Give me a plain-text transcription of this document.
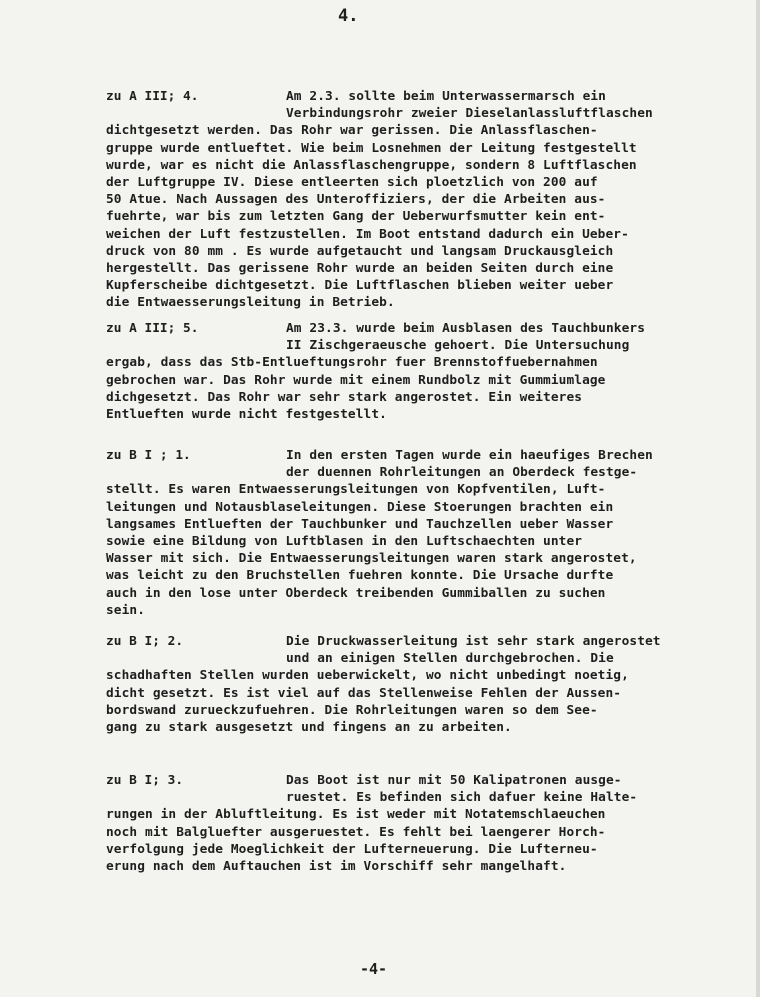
4.
zu A III; 4.	Am 2.3. sollte beim Unterwassermarsch ein
Verbindungsrohr zweier Dieselanlassluftflaschen
dichtgesetzt werden. Das Rohr war gerissen. Die Anlassflaschen-
gruppe wurde entlueftet. Wie beim Losnehmen der Leitung festgestellt
wurde, war es nicht die Anlassflaschengruppe, sondern 8 Luftflaschen
der Luftgruppe IV. Diese entleerten sich ploetzlich von 200 auf
50 Atue. Nach Aussagen des Unteroffiziers, der die Arbeiten aus-
fuehrte, war bis zum letzten Gang der Ueberwurfsmutter kein ent-
weichen der Luft festzustellen. Im Boot entstand dadurch ein Ueber-
druck von 80 mm . Es wurde aufgetaucht und langsam Druckausgleich
hergestellt. Das gerissene Rohr wurde an beiden Seiten durch eine
Kupferscheibe dichtgesetzt. Die Luftflaschen blieben weiter ueber
die Entwaesserungsleitung in Betrieb.
zu A III; 5.	Am 23.3. wurde beim Ausblasen des Tauchbunkers
II Zischgeraeusche gehoert. Die Untersuchung
ergab, dass das Stb-Entlueftungsrohr fuer Brennstoffuebernahmen
gebrochen war. Das Rohr wurde mit einem Rundbolz mit Gummiumlage
dichgesetzt. Das Rohr war sehr stark angerostet. Ein weiteres
Entlueften wurde nicht festgestellt.
zu B I ; 1.	In den ersten Tagen wurde ein haeufiges Brechen
der duennen Rohrleitungen an Oberdeck festge-
stellt. Es waren Entwaesserungsleitungen von Kopfventilen, Luft-
leitungen und Notausblaseleitungen. Diese Stoerungen brachten ein
langsames Entlueften der Tauchbunker und Tauchzellen ueber Wasser
sowie eine Bildung von Luftblasen in den Luftschaechten unter
Wasser mit sich. Die Entwaesserungsleitungen waren stark angerostet,
was leicht zu den Bruchstellen fuehren konnte. Die Ursache durfte
auch in den lose unter Oberdeck treibenden Gummiballen zu suchen
sein.
zu B I; 2.	Die Druckwasserleitung ist sehr stark angerostet
und an einigen Stellen durchgebrochen. Die
schadhaften Stellen wurden ueberwickelt, wo nicht unbedingt noetig,
dicht gesetzt. Es ist viel auf das Stellenweise Fehlen der Aussen-
bordswand zurueckzufuehren. Die Rohrleitungen waren so dem See-
gang zu stark ausgesetzt und fingens an zu arbeiten.
zu B I; 3.	Das Boot ist nur mit 50 Kalipatronen ausge-
ruestet. Es befinden sich dafuer keine Halte-
rungen in der Abluftleitung. Es ist weder mit Notatemschlaeuchen
noch mit Balgluefter ausgeruestet. Es fehlt bei laengerer Horch-
verfolgung jede Moeglichkeit der Lufterneuerung. Die Lufterneu-
erung nach dem Auftauchen ist im Vorschiff sehr mangelhaft.
-4-
